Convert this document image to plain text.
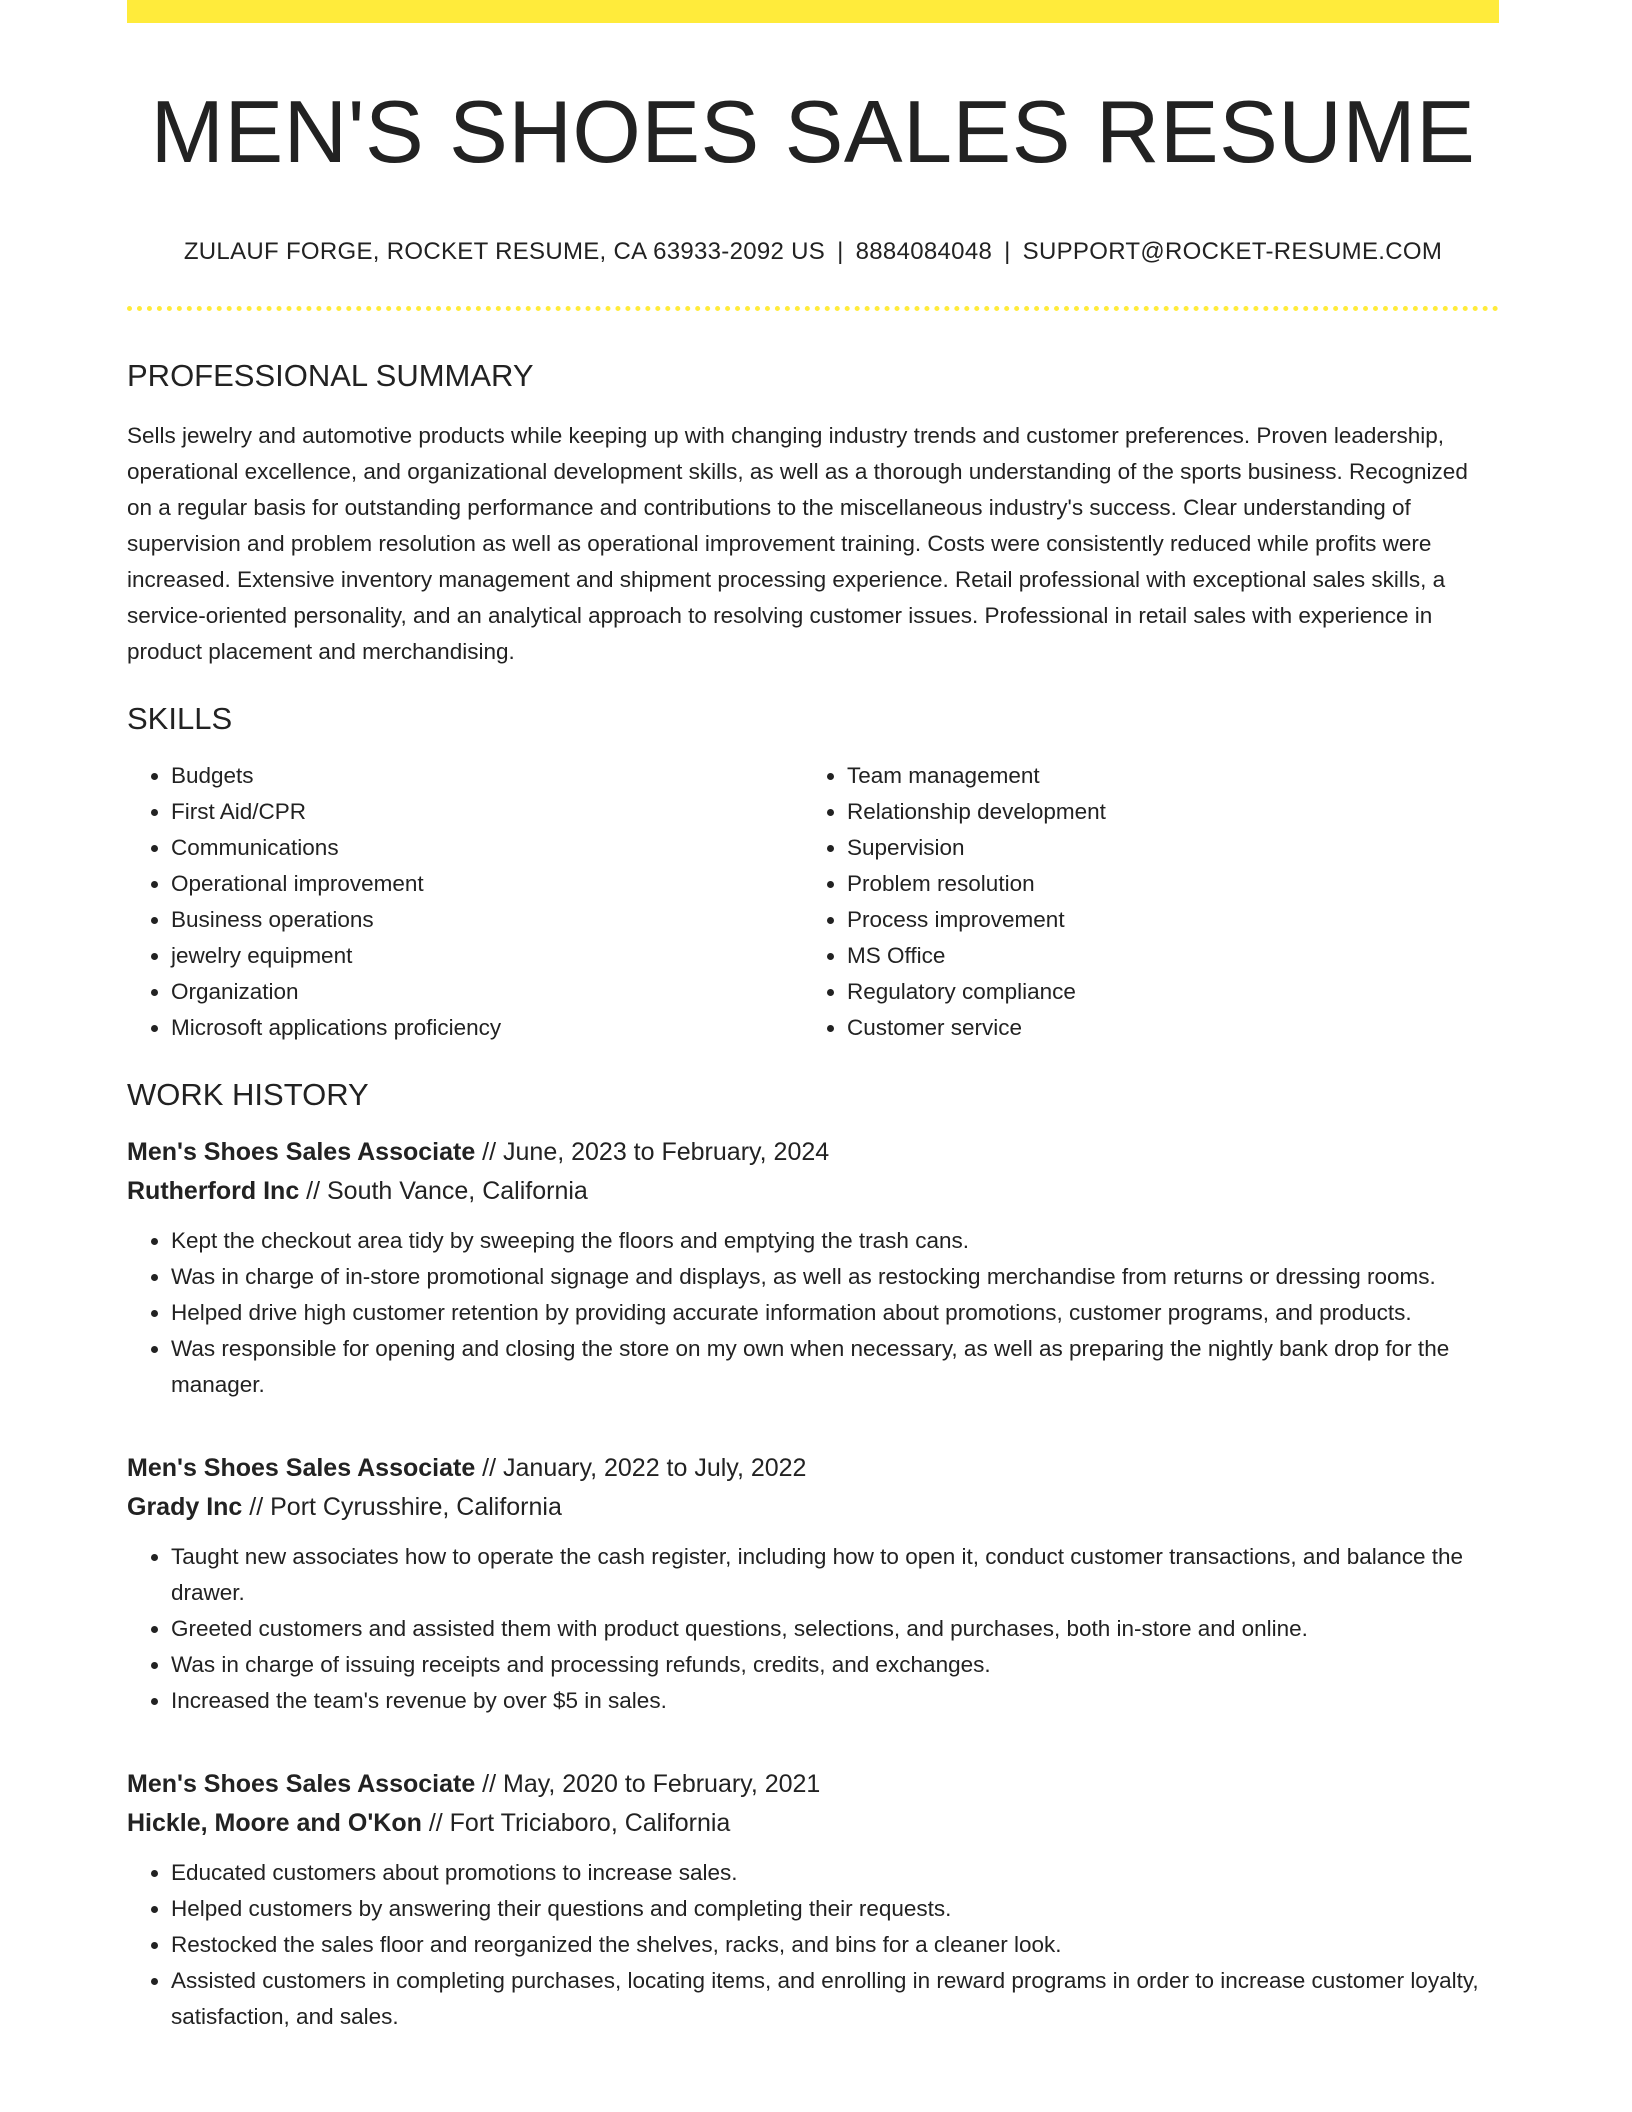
MEN'S SHOES SALES RESUME
ZULAUF FORGE, ROCKET RESUME, CA 63933-2092 US | 8884084048 | SUPPORT@ROCKET-RESUME.COM
PROFESSIONAL SUMMARY

Sells jewelry and automotive products while keeping up with changing industry trends and customer preferences. Proven leadership, operational excellence, and organizational development skills, as well as a thorough understanding of the sports business. Recognized on a regular basis for outstanding performance and contributions to the miscellaneous industry's success. Clear understanding of supervision and problem resolution as well as operational improvement training. Costs were consistently reduced while profits were increased. Extensive inventory management and shipment processing experience. Retail professional with exceptional sales skills, a service-oriented personality, and an analytical approach to resolving customer issues. Professional in retail sales with experience in product placement and merchandising.

SKILLS
• Budgets
• First Aid/CPR
• Communications
• Operational improvement
• Business operations
• jewelry equipment
• Organization
• Microsoft applications proficiency
• Team management
• Relationship development
• Supervision
• Problem resolution
• Process improvement
• MS Office
• Regulatory compliance
• Customer service
WORK HISTORY
Men's Shoes Sales Associate // June, 2023 to February, 2024
Rutherford Inc // South Vance, California
• Kept the checkout area tidy by sweeping the floors and emptying the trash cans.
• Was in charge of in-store promotional signage and displays, as well as restocking merchandise from returns or dressing rooms.
• Helped drive high customer retention by providing accurate information about promotions, customer programs, and products.
• Was responsible for opening and closing the store on my own when necessary, as well as preparing the nightly bank drop for the manager.
Men's Shoes Sales Associate // January, 2022 to July, 2022
Grady Inc // Port Cyrusshire, California
• Taught new associates how to operate the cash register, including how to open it, conduct customer transactions, and balance the drawer.
• Greeted customers and assisted them with product questions, selections, and purchases, both in-store and online.
• Was in charge of issuing receipts and processing refunds, credits, and exchanges.
• Increased the team's revenue by over $5 in sales.
Men's Shoes Sales Associate // May, 2020 to February, 2021
Hickle, Moore and O'Kon // Fort Triciaboro, California
• Educated customers about promotions to increase sales.
• Helped customers by answering their questions and completing their requests.
• Restocked the sales floor and reorganized the shelves, racks, and bins for a cleaner look.
• Assisted customers in completing purchases, locating items, and enrolling in reward programs in order to increase customer loyalty, satisfaction, and sales.
